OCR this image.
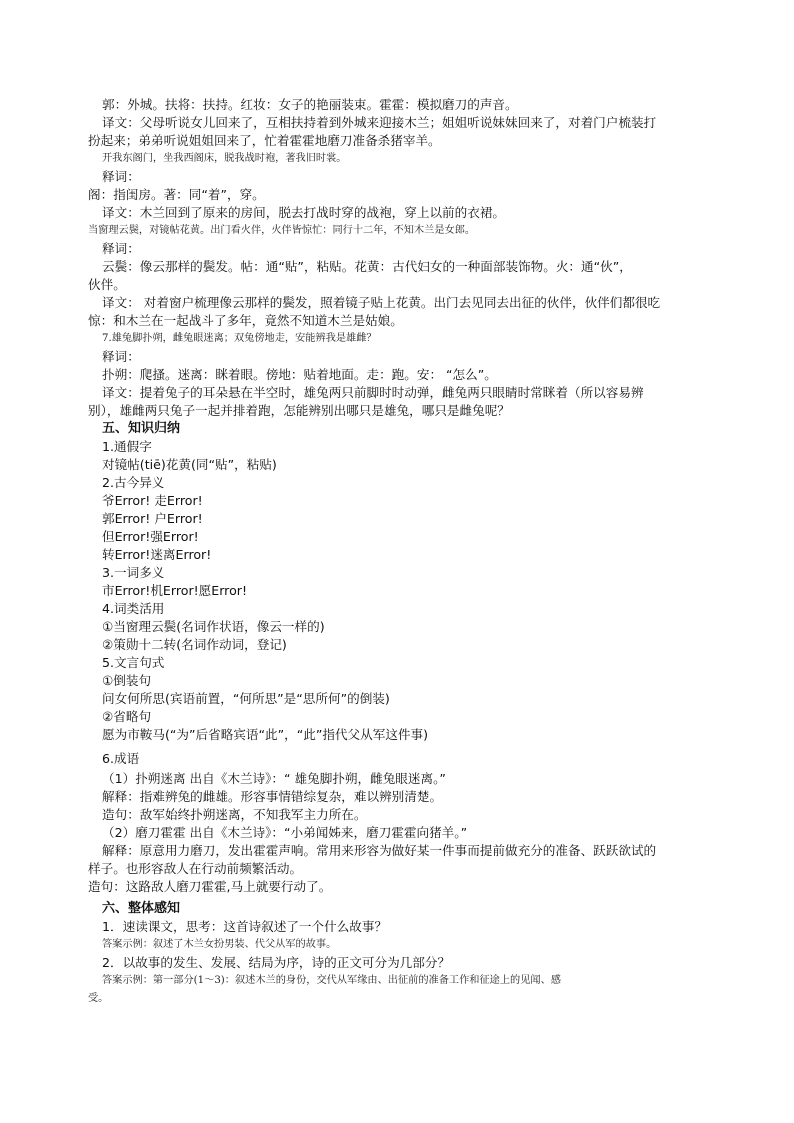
郭：外城。扶将：扶持。红妆：女子的艳丽装束。霍霍：模拟磨刀的声音。
译文：父母听说女儿回来了，互相扶持着到外城来迎接木兰；姐姐听说妹妹回来了，对着门户梳装打
扮起来；弟弟听说姐姐回来了，忙着霍霍地磨刀准备杀猪宰羊。
开我东阁门，坐我西阁床，脱我战时袍，著我旧时裳。
释词：
阁：指闺房。著：同“着”，穿。
译文：木兰回到了原来的房间，脱去打战时穿的战袍，穿上以前的衣裙。
当窗理云鬓，对镜帖花黄。出门看火伴，火伴皆惊忙：同行十二年，不知木兰是女郎。
释词：
云鬓：像云那样的鬓发。帖：通“贴”，粘贴。花黄：古代妇女的一种面部装饰物。火：通“伙”，
伙伴。
译文： 对着窗户梳理像云那样的鬓发，照着镜子贴上花黄。出门去见同去出征的伙伴，伙伴们都很吃
惊：和木兰在一起战斗了多年，竟然不知道木兰是姑娘。
7.雄兔脚扑朔，雌兔眼迷离；双兔傍地走，安能辨我是雄雌？
释词：
扑朔：爬搔。迷离：眯着眼。傍地：贴着地面。走：跑。安： “怎么”。
译文：提着兔子的耳朵悬在半空时，雄兔两只前脚时时动弹，雌兔两只眼睛时常眯着（所以容易辨
别），雄雌两只兔子一起并排着跑，怎能辨别出哪只是雄兔，哪只是雌兔呢？
五、知识归纳
1.通假字
对镜帖(tiē)花黄(同“贴”，粘贴)
2.古今异义
爷Error! 走Error!
郭Error! 户Error!
但Error!强Error!
转Error!迷离Error!
3.一词多义
市Error!机Error!愿Error!
4.词类活用
①当窗理云鬓(名词作状语，像云一样的)
②策勋十二转(名词作动词，登记)
5.文言句式
①倒装句
问女何所思(宾语前置，“何所思”是“思所何”的倒装)
②省略句
愿为市鞍马(“为”后省略宾语“此”，“此”指代父从军这件事)
6.成语
（1）扑朔迷离 出自《木兰诗》：“ 雄兔脚扑朔，雌兔眼迷离。”
解释：指难辨兔的雌雄。形容事情错综复杂，难以辨别清楚。
造句：敌军始终扑朔迷离，不知我军主力所在。
（2）磨刀霍霍 出自《木兰诗》：“小弟闻姊来，磨刀霍霍向猪羊。”
解释：原意用力磨刀，发出霍霍声响。常用来形容为做好某一件事而提前做充分的准备、跃跃欲试的
样子。也形容敌人在行动前频繁活动。
造句：这路敌人磨刀霍霍,马上就要行动了。
六、整体感知
1．速读课文，思考：这首诗叙述了一个什么故事？
答案示例：叙述了木兰女扮男装、代父从军的故事。
2．以故事的发生、发展、结局为序，诗的正文可分为几部分？
答案示例：第一部分(1～3)：叙述木兰的身份，交代从军缘由、出征前的准备工作和征途上的见闻、感
受。
